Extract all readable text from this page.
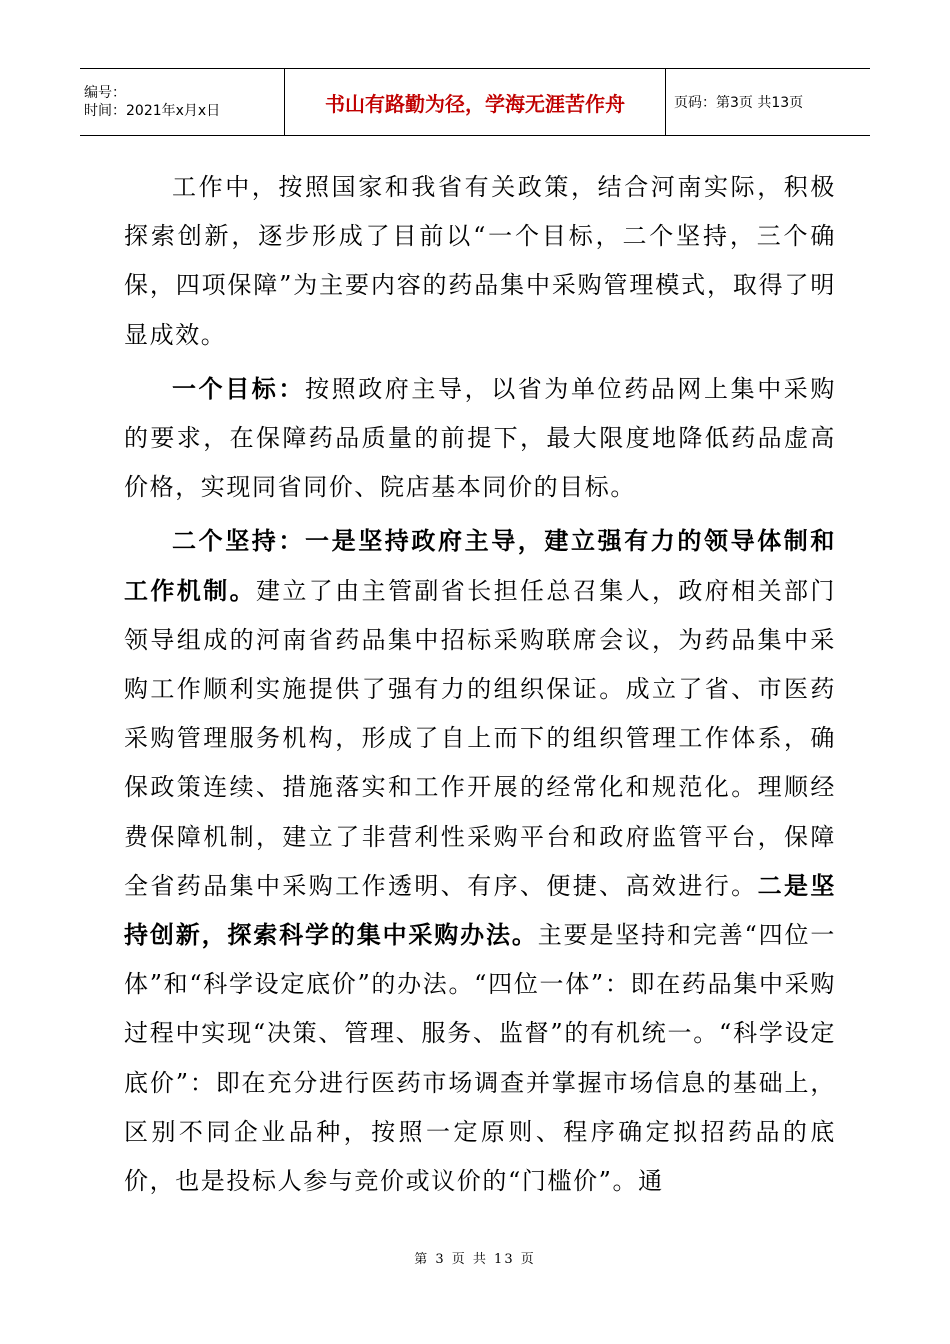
编号：
时间：2021年x月x日	书山有路勤为径，学海无涯苦作舟	页码：第3页 共13页

工作中，按照国家和我省有关政策，结合河南实际，积极探索创新，逐步形成了目前以“一个目标，二个坚持，三个确保，四项保障”为主要内容的药品集中采购管理模式，取得了明显成效。

一个目标：按照政府主导，以省为单位药品网上集中采购的要求，在保障药品质量的前提下，最大限度地降低药品虚高价格，实现同省同价、院店基本同价的目标。

二个坚持：一是坚持政府主导，建立强有力的领导体制和工作机制。建立了由主管副省长担任总召集人，政府相关部门领导组成的河南省药品集中招标采购联席会议，为药品集中采购工作顺利实施提供了强有力的组织保证。成立了省、市医药采购管理服务机构，形成了自上而下的组织管理工作体系，确保政策连续、措施落实和工作开展的经常化和规范化。理顺经费保障机制，建立了非营利性采购平台和政府监管平台，保障全省药品集中采购工作透明、有序、便捷、高效进行。二是坚持创新，探索科学的集中采购办法。主要是坚持和完善“四位一体”和“科学设定底价”的办法。“四位一体”：即在药品集中采购过程中实现“决策、管理、服务、监督”的有机统一。“科学设定底价”：即在充分进行医药市场调查并掌握市场信息的基础上，区别不同企业品种，按照一定原则、程序确定拟招药品的底价，也是投标人参与竞价或议价的“门槛价”。通

第 3 页 共 13 页
